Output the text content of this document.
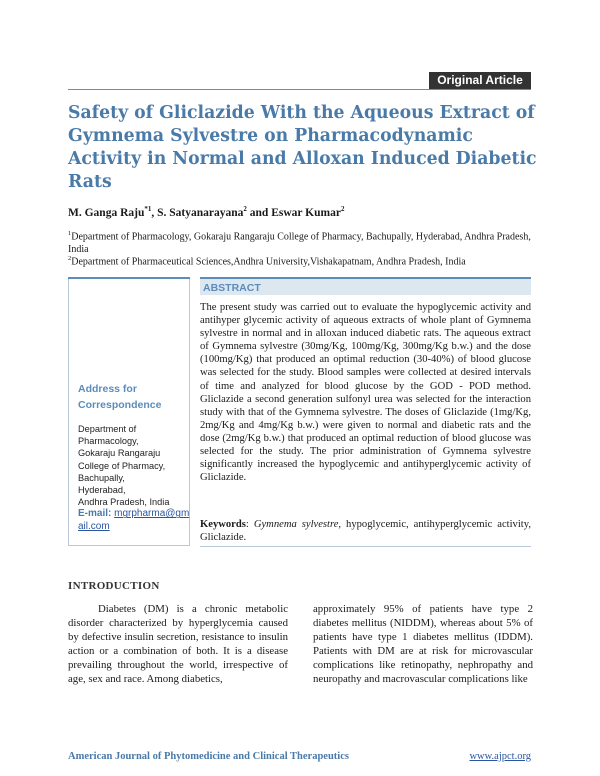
Original Article
Safety of Gliclazide With the Aqueous Extract of Gymnema Sylvestre on Pharmacodynamic Activity in Normal and Alloxan Induced Diabetic Rats
M. Ganga Raju$^{*1}$, S. Satyanarayana$^2$ and Eswar Kumar$^2$
$^1$Department of Pharmacology, Gokaraju Rangaraju College of Pharmacy, Bachupally, Hyderabad, Andhra Pradesh, India
$^2$Department of Pharmaceutical Sciences,Andhra University,Vishakapatnam, Andhra Pradesh, India
Address for Correspondence
Department of
Pharmacology,
Gokaraju Rangaraju
College of Pharmacy,
Bachupally,
Hyderabad,
Andhra Pradesh, India
E-mail: mgrpharma@gmail.com
ABSTRACT

The present study was carried out to evaluate the hypoglycemic activity and antihyper glycemic activity of aqueous extracts of whole plant of Gymnema sylvestre in normal and in alloxan induced diabetic rats. The aqueous extract of Gymnema sylvestre (30mg/Kg, 100mg/Kg, 300mg/Kg b.w.) and the dose (100mg/Kg) that produced an optimal reduction (30-40%) of blood glucose was selected for the study. Blood samples were collected at desired intervals of time and analyzed for blood glucose by the GOD - POD method. Gliclazide a second generation sulfonyl urea was selected for the interaction study with that of the Gymnema sylvestre. The doses of Gliclazide (1mg/Kg, 2mg/Kg and 4mg/Kg b.w.) were given to normal and diabetic rats and the dose (2mg/Kg b.w.) that produced an optimal reduction of blood glucose was selected for the study. The prior administration of Gymnema sylvestre significantly increased the hypoglycemic and antihyperglycemic activity of Gliclazide.

Keywords: Gymnema sylvestre, hypoglycemic, antihyperglycemic activity, Gliclazide.

INTRODUCTION

Diabetes (DM) is a chronic metabolic disorder characterized by hyperglycemia caused by defective insulin secretion, resistance to insulin action or a combination of both. It is a disease prevailing throughout the world, irrespective of age, sex and race. Among diabetics,

approximately 95% of patients have type 2 diabetes mellitus (NIDDM), whereas about 5% of patients have type 1 diabetes mellitus (IDDM). Patients with DM are at risk for microvascular complications like retinopathy, nephropathy and neuropathy and macrovascular complications like

American Journal of Phytomedicine and Clinical Therapeutics	www.ajpct.org
